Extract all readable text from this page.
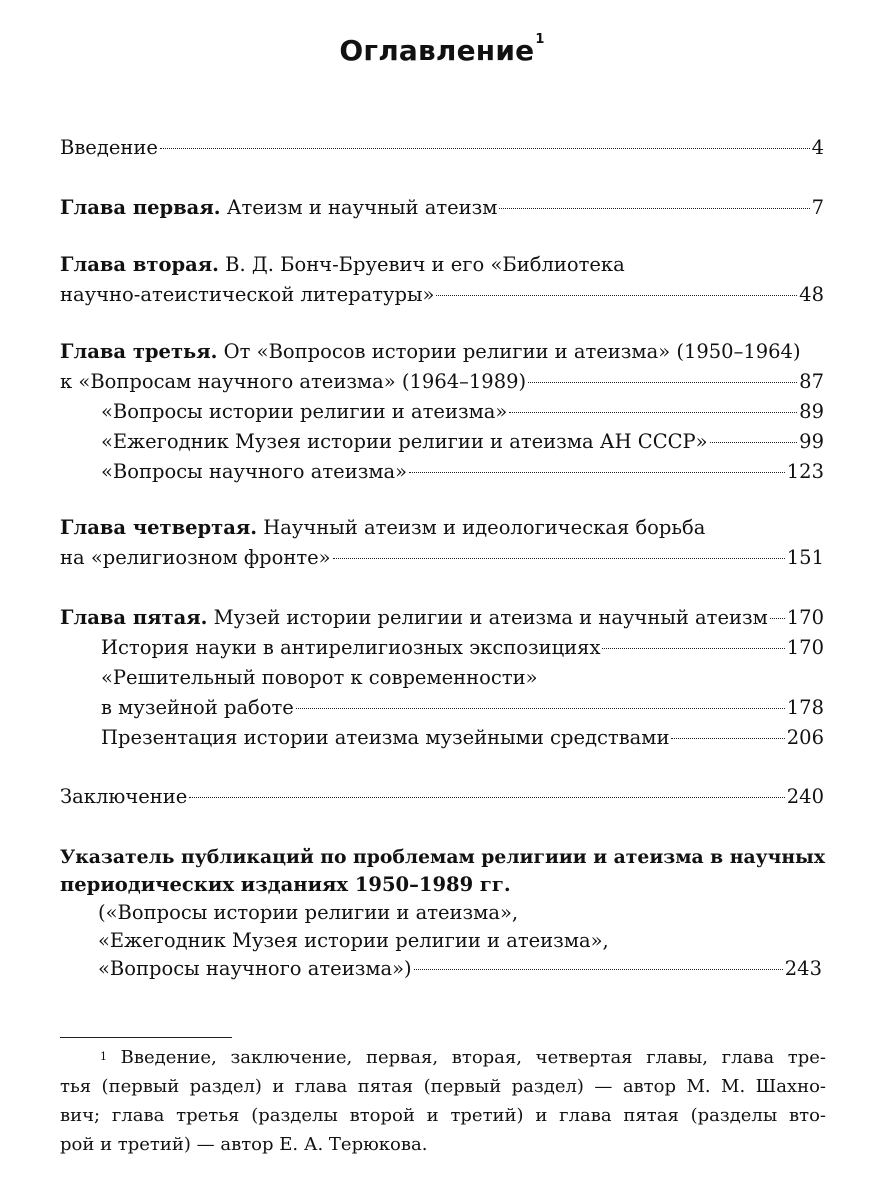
Оглавление$^1$
Введение	4
Глава первая. Атеизм и научный атеизм	7
Глава вторая. В. Д. Бонч-Бруевич и его «Библиотека
научно-атеистической литературы»	48
Глава третья. От «Вопросов истории религии и атеизма» (1950–1964)
к «Вопросам научного атеизма» (1964–1989)	87
«Вопросы истории религии и атеизма»	89
«Ежегодник Музея истории религии и атеизма АН СССР»	99
«Вопросы научного атеизма»	123
Глава четвертая. Научный атеизм и идеологическая борьба
на «религиозном фронте»	151
Глава пятая. Музей истории религии и атеизма и научный атеизм 170
История науки в антирелигиозных экспозициях	170
«Решительный поворот к современности»
в музейной работе	178
Презентация истории атеизма музейными средствами	206
Заключение	240
Указатель публикаций по проблемам религиии и атеизма в научных
периодических изданиях 1950–1989 гг.
(«Вопросы истории религии и атеизма»,
«Ежегодник Музея истории религии и атеизма»,
«Вопросы научного атеизма»)	243
$^1$ Введение, заключение, первая, вторая, четвертая главы, глава тре-
тья (первый раздел) и глава пятая (первый раздел) — автор М. М. Шахно-
вич; глава третья (разделы второй и третий) и глава пятая (разделы вто-
рой и третий) — автор Е. А. Терюкова.
